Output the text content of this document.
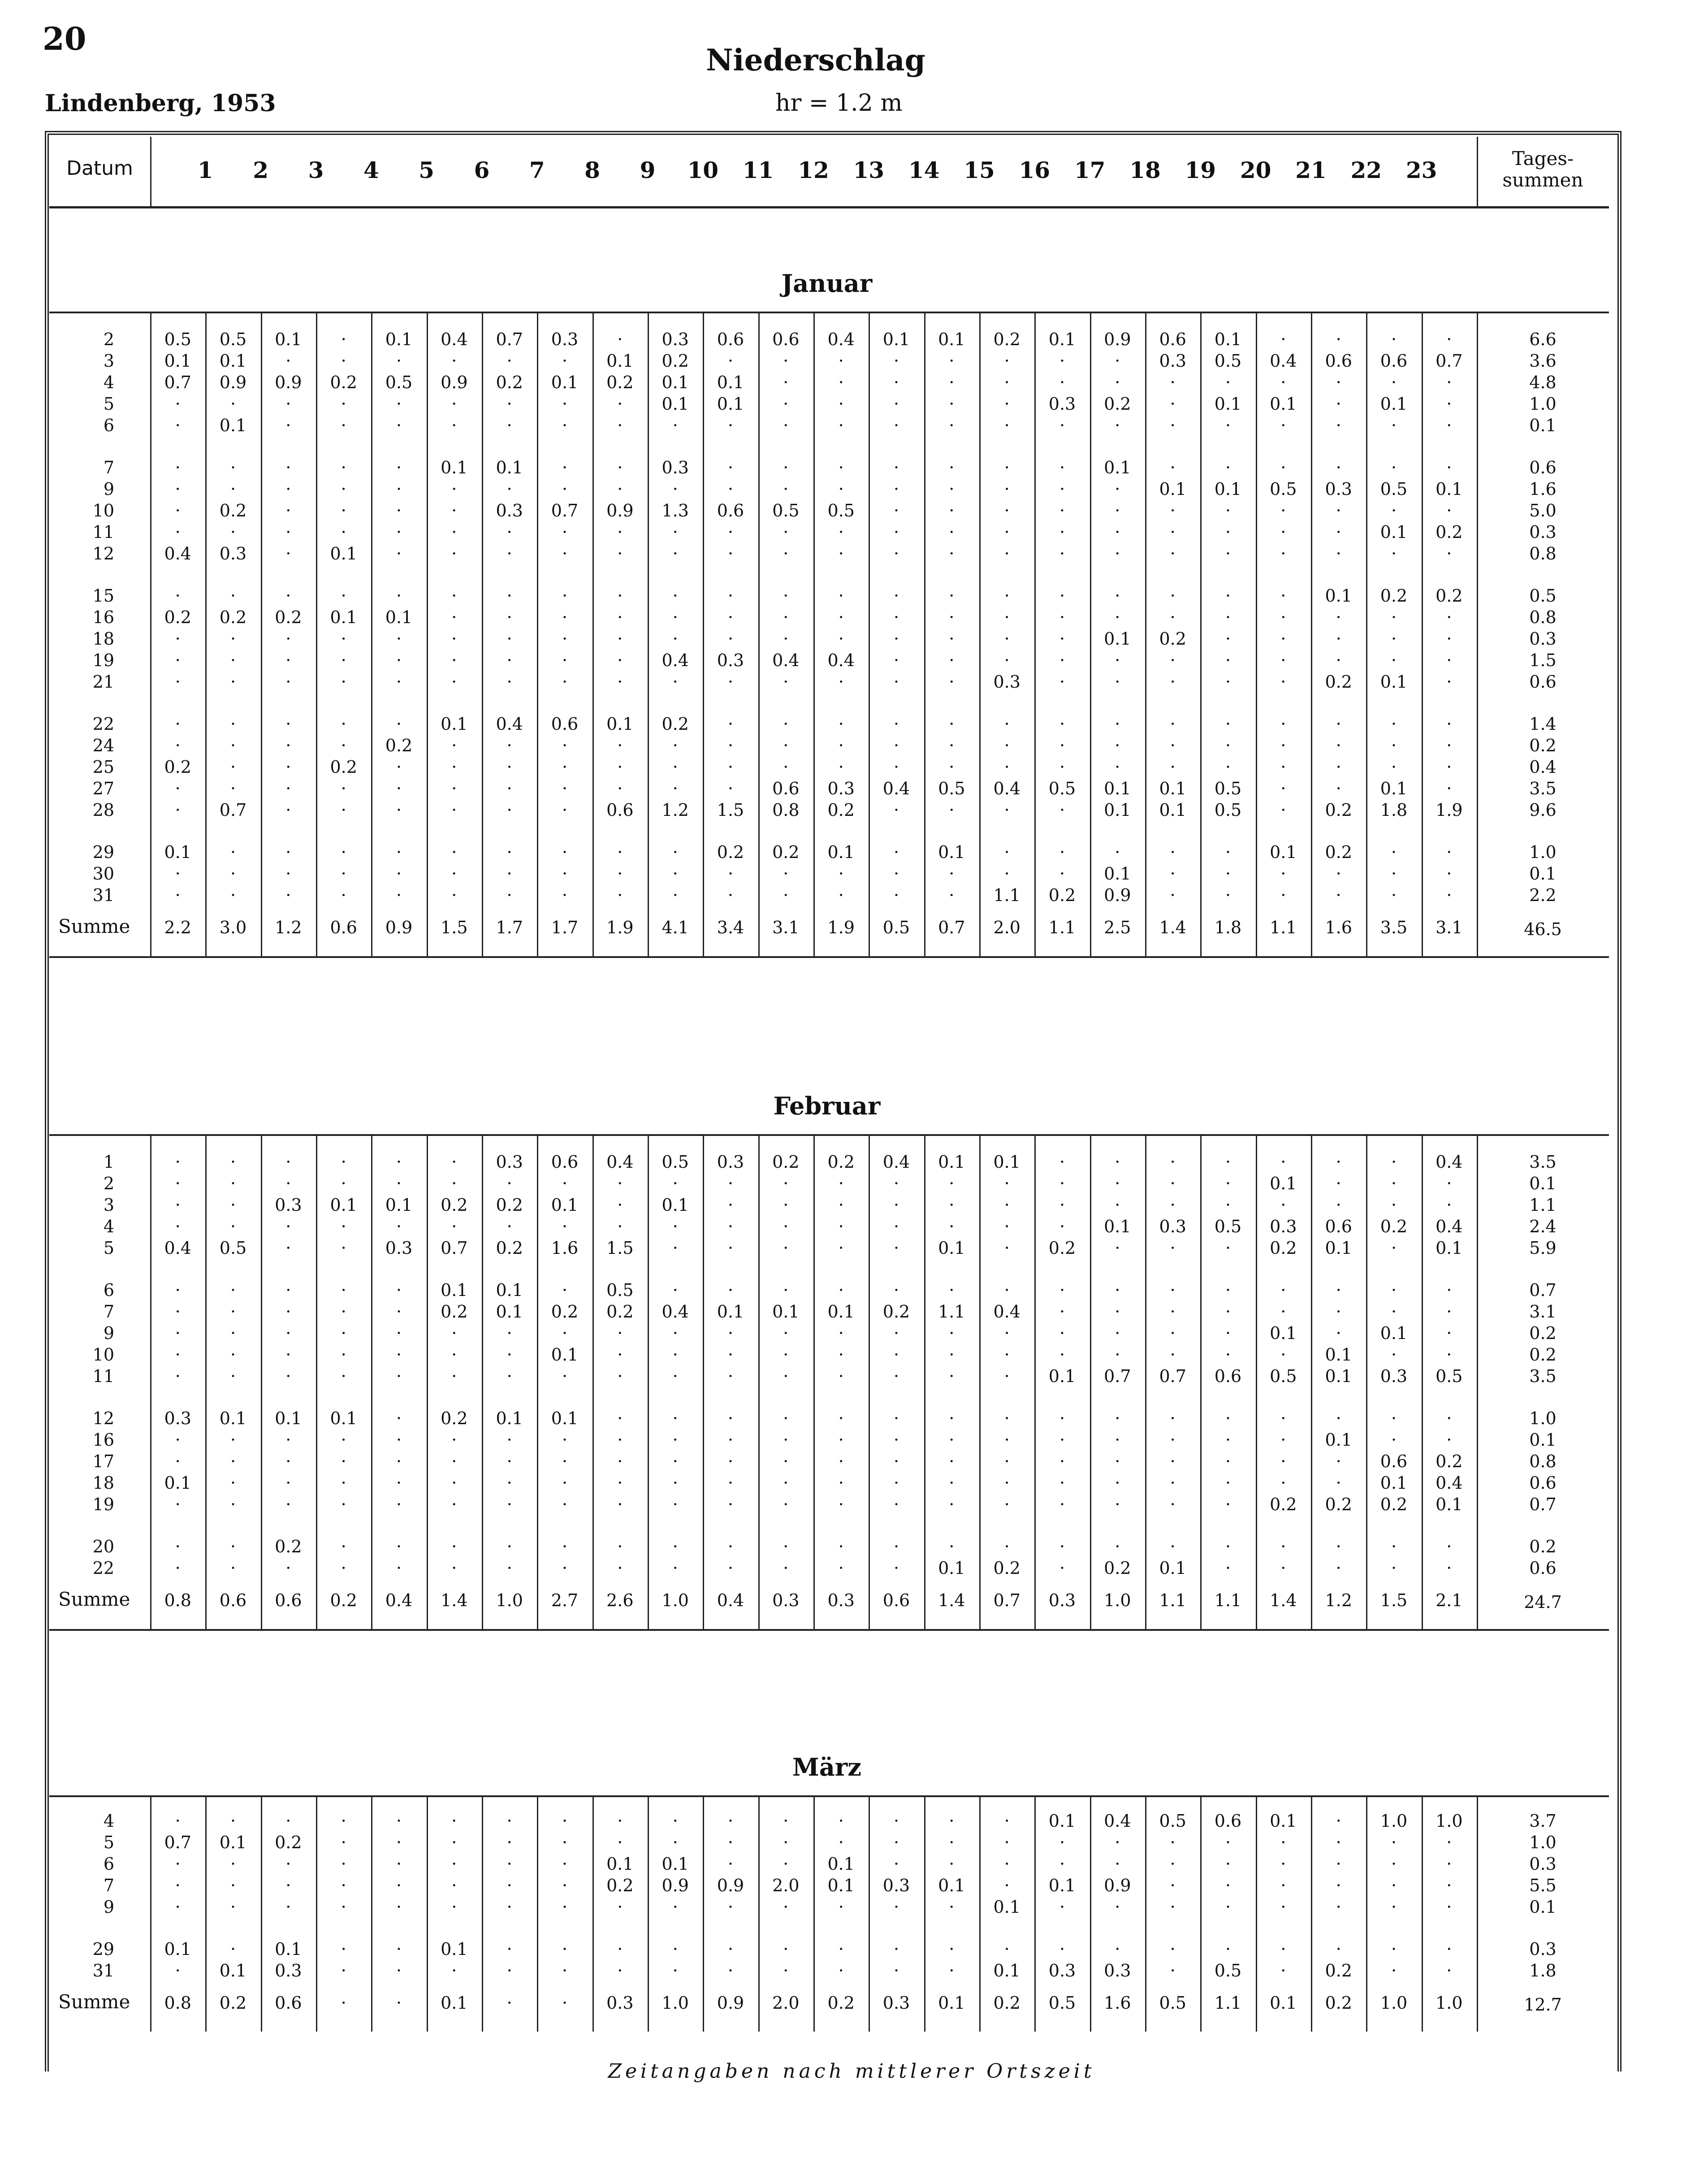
20
Niederschlag
Lindenberg, 1953	hr = 1.2 m
Datum	1	2	3	4	5	6	7	8	9	10	11	12	13	14	15	16	17	18	19	20	21	22	23	Tages-summen
Januar
2	0.5	0.5	0.1	·	0.1	0.4	0.7	0.3	·	0.3	0.6	0.6	0.4	0.1	0.1	0.2	0.1	0.9	0.6	0.1	·	·	·	·	6.6
3	0.1	0.1	·	·	·	·	·	·	0.1	0.2	·	·	·	·	·	·	·	·	0.3	0.5	0.4	0.6	0.6	0.7	3.6
4	0.7	0.9	0.9	0.2	0.5	0.9	0.2	0.1	0.2	0.1	0.1	·	·	·	·	·	·	·	·	·	·	·	·	·	4.8
5	·	·	·	·	·	·	·	·	·	0.1	0.1	·	·	·	·	·	0.3	0.2	·	0.1	0.1	·	0.1	·	1.0
6	·	0.1	·	·	·	·	·	·	·	·	·	·	·	·	·	·	·	·	·	·	·	·	·	·	0.1
7	·	·	·	·	·	0.1	0.1	·	·	0.3	·	·	·	·	·	·	·	0.1	·	·	·	·	·	·	0.6
9	·	·	·	·	·	·	·	·	·	·	·	·	·	·	·	·	·	·	0.1	0.1	0.5	0.3	0.5	0.1	1.6
10	·	0.2	·	·	·	·	0.3	0.7	0.9	1.3	0.6	0.5	0.5	·	·	·	·	·	·	·	·	·	·	·	5.0
11	·	·	·	·	·	·	·	·	·	·	·	·	·	·	·	·	·	·	·	·	·	·	0.1	0.2	0.3
12	0.4	0.3	·	0.1	·	·	·	·	·	·	·	·	·	·	·	·	·	·	·	·	·	·	·	·	0.8
15	·	·	·	·	·	·	·	·	·	·	·	·	·	·	·	·	·	·	·	·	·	0.1	0.2	0.2	0.5
16	0.2	0.2	0.2	0.1	0.1	·	·	·	·	·	·	·	·	·	·	·	·	·	·	·	·	·	·	·	0.8
18	·	·	·	·	·	·	·	·	·	·	·	·	·	·	·	·	·	0.1	0.2	·	·	·	·	·	0.3
19	·	·	·	·	·	·	·	·	·	0.4	0.3	0.4	0.4	·	·	·	·	·	·	·	·	·	·	·	1.5
21	·	·	·	·	·	·	·	·	·	·	·	·	·	·	·	0.3	·	·	·	·	·	0.2	0.1	·	0.6
22	·	·	·	·	·	0.1	0.4	0.6	0.1	0.2	·	·	·	·	·	·	·	·	·	·	·	·	·	·	1.4
24	·	·	·	·	0.2	·	·	·	·	·	·	·	·	·	·	·	·	·	·	·	·	·	·	·	0.2
25	0.2	·	·	0.2	·	·	·	·	·	·	·	·	·	·	·	·	·	·	·	·	·	·	·	·	0.4
27	·	·	·	·	·	·	·	·	·	·	·	0.6	0.3	0.4	0.5	0.4	0.5	0.1	0.1	0.5	·	·	0.1	·	3.5
28	·	0.7	·	·	·	·	·	·	0.6	1.2	1.5	0.8	0.2	·	·	·	·	0.1	0.1	0.5	·	0.2	1.8	1.9	9.6
29	0.1	·	·	·	·	·	·	·	·	·	0.2	0.2	0.1	·	0.1	·	·	·	·	·	0.1	0.2	·	·	1.0
30	·	·	·	·	·	·	·	·	·	·	·	·	·	·	·	·	·	0.1	·	·	·	·	·	·	0.1
31	·	·	·	·	·	·	·	·	·	·	·	·	·	·	·	1.1	0.2	0.9	·	·	·	·	·	·	2.2
Summe	2.2	3.0	1.2	0.6	0.9	1.5	1.7	1.7	1.9	4.1	3.4	3.1	1.9	0.5	0.7	2.0	1.1	2.5	1.4	1.8	1.1	1.6	3.5	3.1	46.5
Februar
1	·	·	·	·	·	·	0.3	0.6	0.4	0.5	0.3	0.2	0.2	0.4	0.1	0.1	·	·	·	·	·	·	·	0.4	3.5
2	·	·	·	·	·	·	·	·	·	·	·	·	·	·	·	·	·	·	·	·	0.1	·	·	·	0.1
3	·	·	0.3	0.1	0.1	0.2	0.2	0.1	·	0.1	·	·	·	·	·	·	·	·	·	·	·	·	·	·	1.1
4	·	·	·	·	·	·	·	·	·	·	·	·	·	·	·	·	·	0.1	0.3	0.5	0.3	0.6	0.2	0.4	2.4
5	0.4	0.5	·	·	0.3	0.7	0.2	1.6	1.5	·	·	·	·	·	0.1	·	0.2	·	·	·	0.2	0.1	·	0.1	5.9
6	·	·	·	·	·	0.1	0.1	·	0.5	·	·	·	·	·	·	·	·	·	·	·	·	·	·	·	0.7
7	·	·	·	·	·	0.2	0.1	0.2	0.2	0.4	0.1	0.1	0.1	0.2	1.1	0.4	·	·	·	·	·	·	·	·	3.1
9	·	·	·	·	·	·	·	·	·	·	·	·	·	·	·	·	·	·	·	·	0.1	·	0.1	·	0.2
10	·	·	·	·	·	·	·	0.1	·	·	·	·	·	·	·	·	·	·	·	·	·	0.1	·	·	0.2
11	·	·	·	·	·	·	·	·	·	·	·	·	·	·	·	·	0.1	0.7	0.7	0.6	0.5	0.1	0.3	0.5	3.5
12	0.3	0.1	0.1	0.1	·	0.2	0.1	0.1	·	·	·	·	·	·	·	·	·	·	·	·	·	·	·	·	1.0
16	·	·	·	·	·	·	·	·	·	·	·	·	·	·	·	·	·	·	·	·	·	0.1	·	·	0.1
17	·	·	·	·	·	·	·	·	·	·	·	·	·	·	·	·	·	·	·	·	·	·	0.6	0.2	0.8
18	0.1	·	·	·	·	·	·	·	·	·	·	·	·	·	·	·	·	·	·	·	·	·	0.1	0.4	0.6
19	·	·	·	·	·	·	·	·	·	·	·	·	·	·	·	·	·	·	·	·	0.2	0.2	0.2	0.1	0.7
20	·	·	0.2	·	·	·	·	·	·	·	·	·	·	·	·	·	·	·	·	·	·	·	·	·	0.2
22	·	·	·	·	·	·	·	·	·	·	·	·	·	·	0.1	0.2	·	0.2	0.1	·	·	·	·	·	0.6
Summe	0.8	0.6	0.6	0.2	0.4	1.4	1.0	2.7	2.6	1.0	0.4	0.3	0.3	0.6	1.4	0.7	0.3	1.0	1.1	1.1	1.4	1.2	1.5	2.1	24.7
März
4	·	·	·	·	·	·	·	·	·	·	·	·	·	·	·	·	0.1	0.4	0.5	0.6	0.1	·	1.0	1.0	3.7
5	0.7	0.1	0.2	·	·	·	·	·	·	·	·	·	·	·	·	·	·	·	·	·	·	·	·	·	1.0
6	·	·	·	·	·	·	·	·	0.1	0.1	·	·	0.1	·	·	·	·	·	·	·	·	·	·	·	0.3
7	·	·	·	·	·	·	·	·	0.2	0.9	0.9	2.0	0.1	0.3	0.1	·	0.1	0.9	·	·	·	·	·	·	5.5
9	·	·	·	·	·	·	·	·	·	·	·	·	·	·	·	0.1	·	·	·	·	·	·	·	·	0.1
29	0.1	·	0.1	·	·	0.1	·	·	·	·	·	·	·	·	·	·	·	·	·	·	·	·	·	·	0.3
31	·	0.1	0.3	·	·	·	·	·	·	·	·	·	·	·	·	0.1	0.3	0.3	·	0.5	·	0.2	·	·	1.8
Summe	0.8	0.2	0.6	·	·	0.1	·	·	0.3	1.0	0.9	2.0	0.2	0.3	0.1	0.2	0.5	1.6	0.5	1.1	0.1	0.2	1.0	1.0	12.7
Zeitangaben nach mittlerer Ortszeit
